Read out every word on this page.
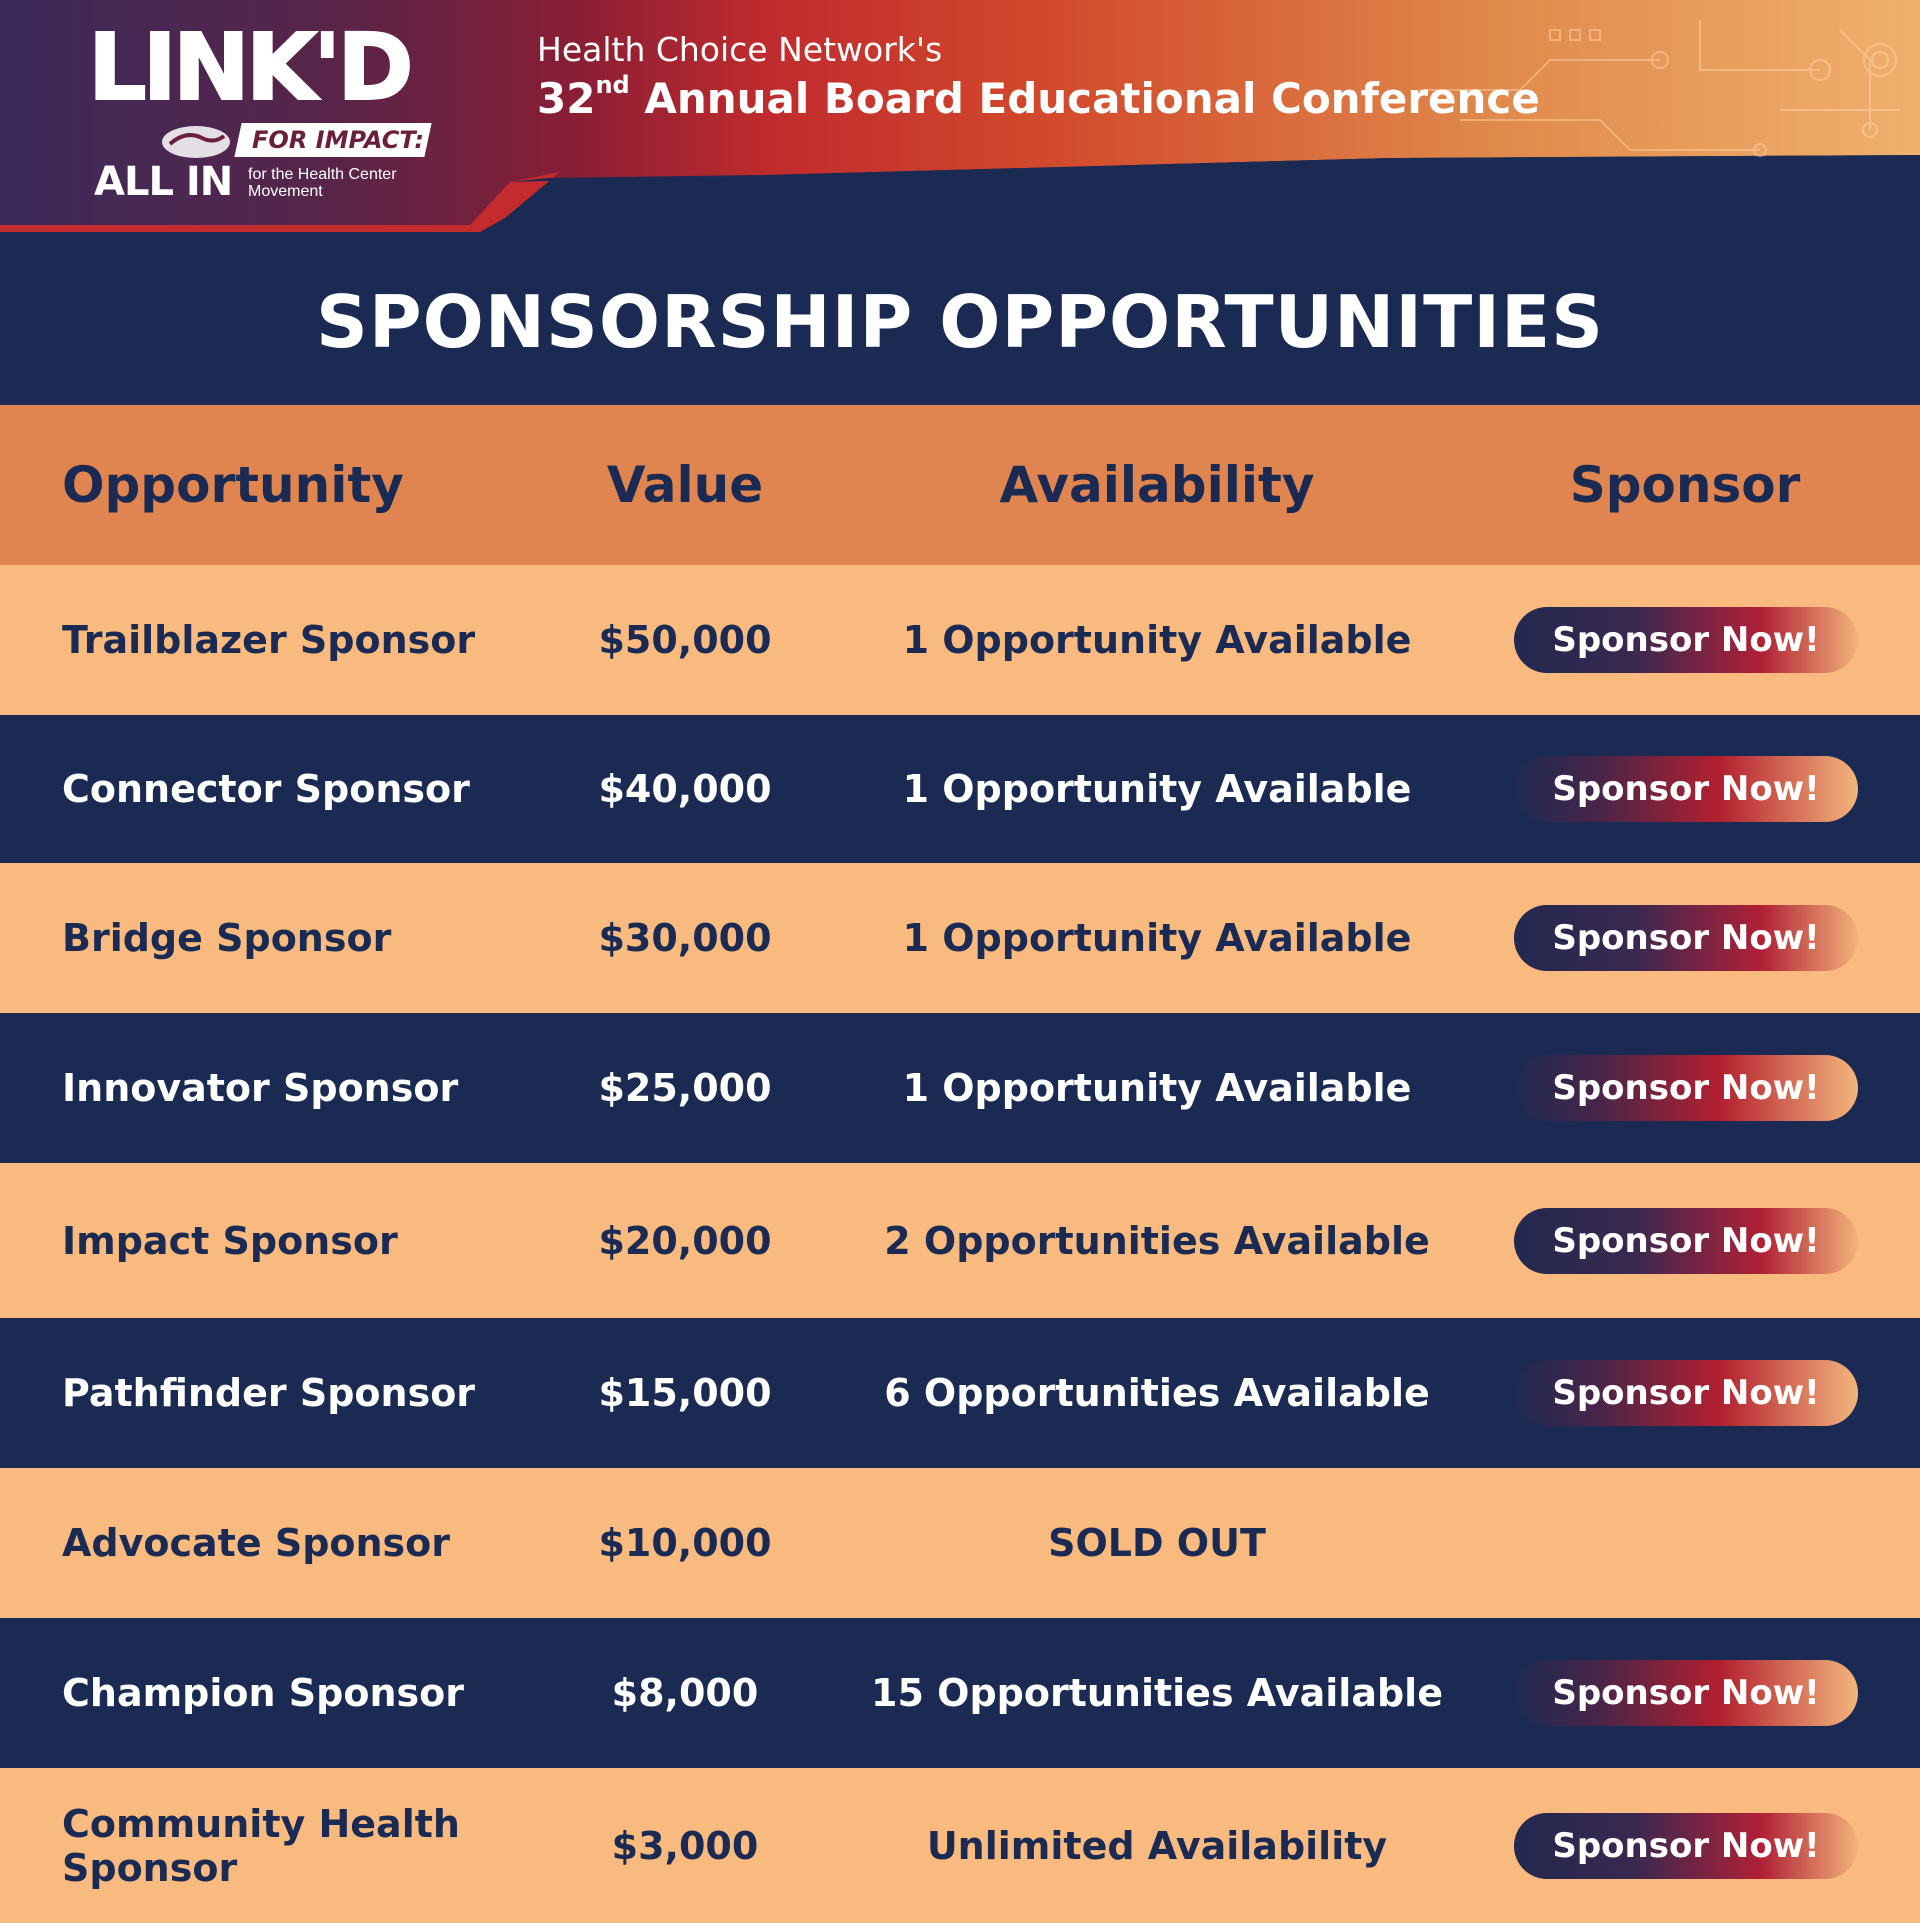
LINK'D
FOR IMPACT:
ALL IN for the Health Center Movement
Health Choice Network's
32nd Annual Board Educational Conference
SPONSORSHIP OPPORTUNITIES
Opportunity	Value	Availability	Sponsor
Trailblazer Sponsor	$50,000	1 Opportunity Available	Sponsor Now!
Connector Sponsor	$40,000	1 Opportunity Available	Sponsor Now!
Bridge Sponsor	$30,000	1 Opportunity Available	Sponsor Now!
Innovator Sponsor	$25,000	1 Opportunity Available	Sponsor Now!
Impact Sponsor	$20,000	2 Opportunities Available	Sponsor Now!
Pathfinder Sponsor	$15,000	6 Opportunities Available	Sponsor Now!
Advocate Sponsor	$10,000	SOLD OUT
Champion Sponsor	$8,000	15 Opportunities Available	Sponsor Now!
Community Health Sponsor	$3,000	Unlimited Availability	Sponsor Now!
